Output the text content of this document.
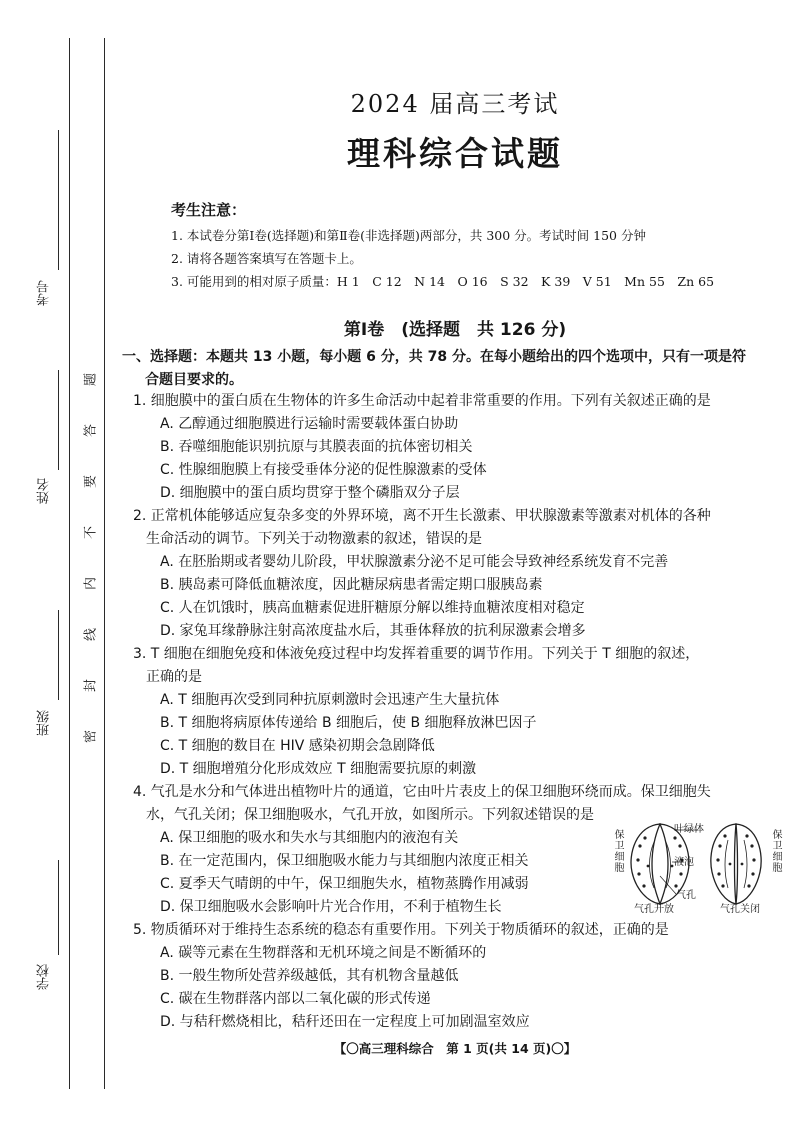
考号
姓名
班级
学校
题
答
要
不
内
线
封
密
2024 届高三考试
理科综合试题
考生注意：
1. 本试卷分第Ⅰ卷(选择题)和第Ⅱ卷(非选择题)两部分，共 300 分。考试时间 150 分钟
2. 请将各题答案填写在答题卡上。
3. 可能用到的相对原子质量：H 1　C 12　N 14　O 16　S 32　K 39　V 51　Mn 55　Zn 65
第Ⅰ卷　(选择题　共 126 分)
一、选择题：本题共 13 小题，每小题 6 分，共 78 分。在每小题给出的四个选项中，只有一项是符
合题目要求的。
1. 细胞膜中的蛋白质在生物体的许多生命活动中起着非常重要的作用。下列有关叙述正确的是
A. 乙醇通过细胞膜进行运输时需要载体蛋白协助
B. 吞噬细胞能识别抗原与其膜表面的抗体密切相关
C. 性腺细胞膜上有接受垂体分泌的促性腺激素的受体
D. 细胞膜中的蛋白质均贯穿于整个磷脂双分子层
2. 正常机体能够适应复杂多变的外界环境，离不开生长激素、甲状腺激素等激素对机体的各种
生命活动的调节。下列关于动物激素的叙述，错误的是
A. 在胚胎期或者婴幼儿阶段，甲状腺激素分泌不足可能会导致神经系统发育不完善
B. 胰岛素可降低血糖浓度，因此糖尿病患者需定期口服胰岛素
C. 人在饥饿时，胰高血糖素促进肝糖原分解以维持血糖浓度相对稳定
D. 家兔耳缘静脉注射高浓度盐水后，其垂体释放的抗利尿激素会增多
3. T 细胞在细胞免疫和体液免疫过程中均发挥着重要的调节作用。下列关于 T 细胞的叙述，
正确的是
A. T 细胞再次受到同种抗原刺激时会迅速产生大量抗体
B. T 细胞将病原体传递给 B 细胞后，使 B 细胞释放淋巴因子
C. T 细胞的数目在 HIV 感染初期会急剧降低
D. T 细胞增殖分化形成效应 T 细胞需要抗原的刺激
4. 气孔是水分和气体进出植物叶片的通道，它由叶片表皮上的保卫细胞环绕而成。保卫细胞失
水，气孔关闭；保卫细胞吸水，气孔开放，如图所示。下列叙述错误的是
A. 保卫细胞的吸水和失水与其细胞内的液泡有关
B. 在一定范围内，保卫细胞吸水能力与其细胞内浓度正相关
C. 夏季天气晴朗的中午，保卫细胞失水，植物蒸腾作用减弱
D. 保卫细胞吸水会影响叶片光合作用，不利于植物生长
保卫细胞
保卫细胞
叶绿体
液泡
气孔
气孔开放	气孔关闭
5. 物质循环对于维持生态系统的稳态有重要作用。下列关于物质循环的叙述，正确的是
A. 碳等元素在生物群落和无机环境之间是不断循环的
B. 一般生物所处营养级越低，其有机物含量越低
C. 碳在生物群落内部以二氧化碳的形式传递
D. 与秸秆燃烧相比，秸秆还田在一定程度上可加剧温室效应
【〇高三理科综合　第 1 页(共 14 页)〇】
